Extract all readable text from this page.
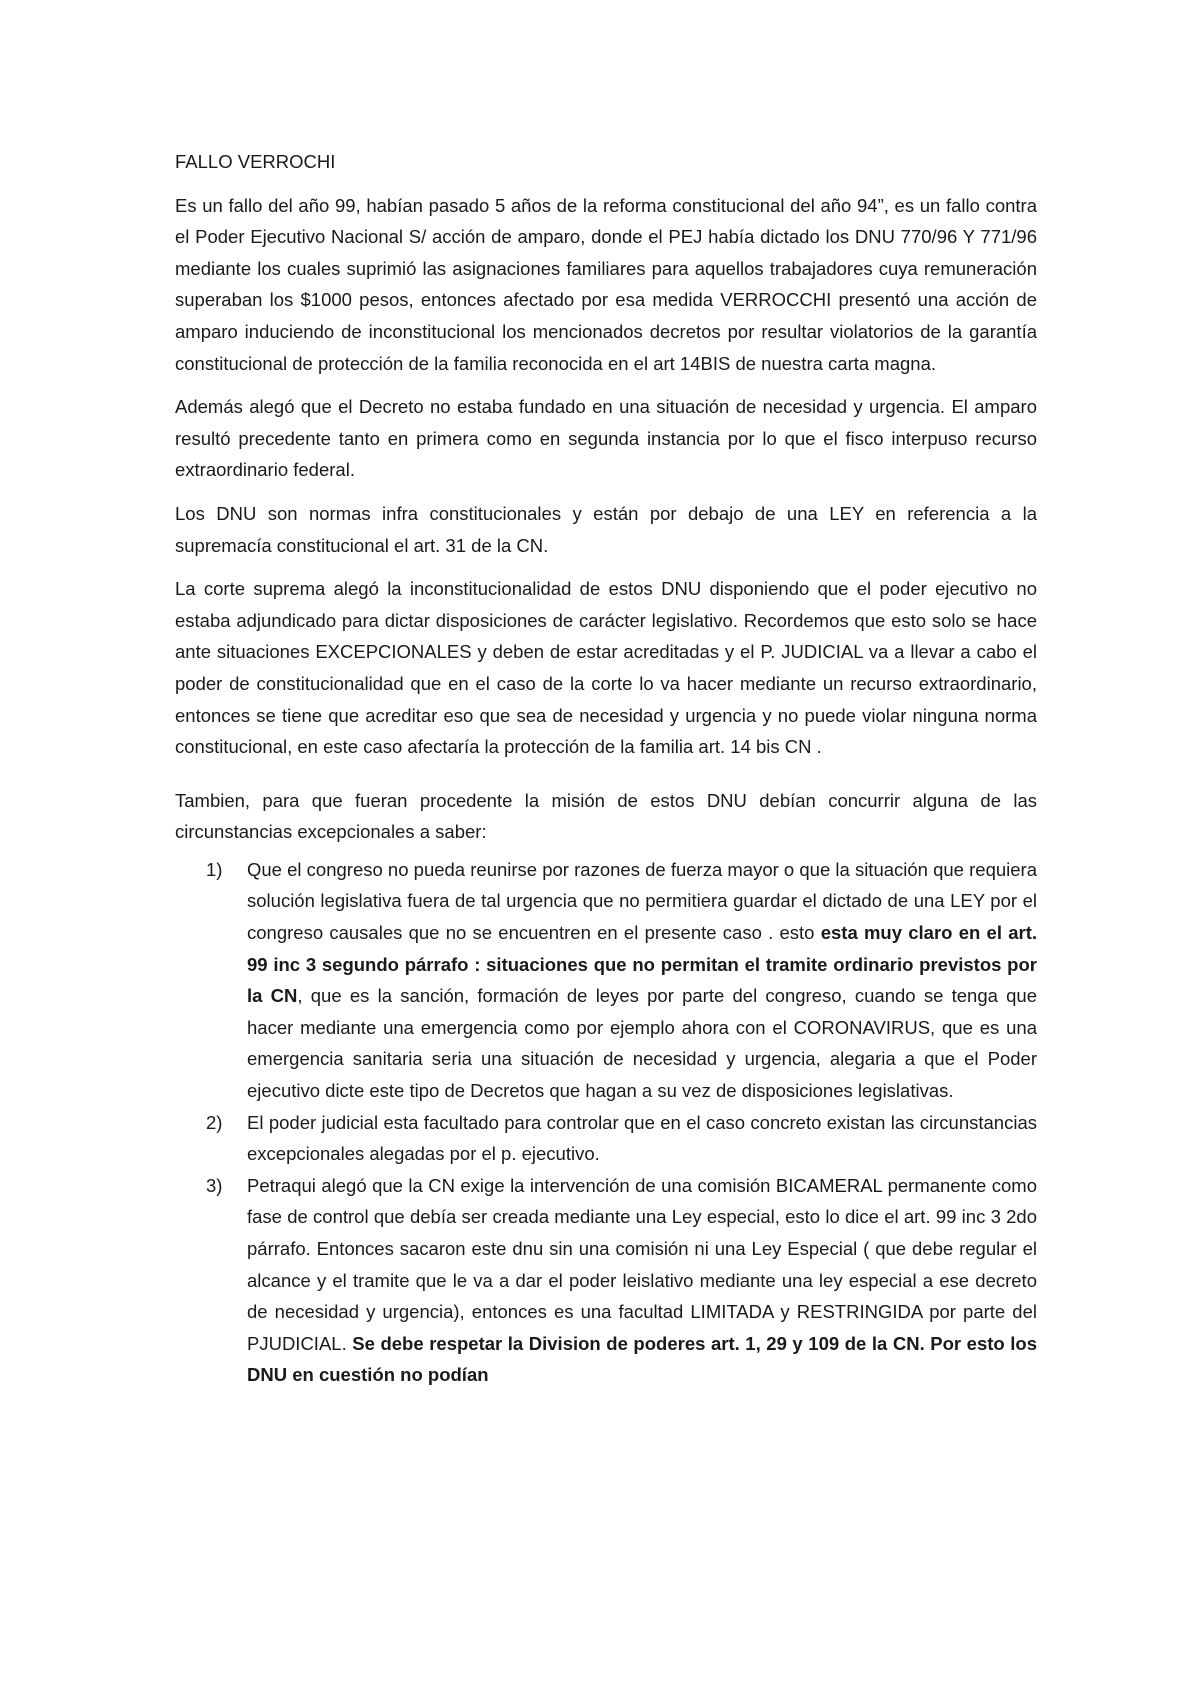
FALLO VERROCHI

Es un fallo del año 99, habían pasado 5 años de la reforma constitucional del año 94”, es un fallo contra el Poder Ejecutivo Nacional S/ acción de amparo, donde el PEJ había dictado los DNU 770/96 Y 771/96 mediante los cuales suprimió las asignaciones familiares para aquellos trabajadores cuya remuneración superaban los $1000 pesos, entonces afectado por esa medida VERROCCHI presentó una acción de amparo induciendo de inconstitucional los mencionados decretos por resultar violatorios de la garantía constitucional de protección de la familia reconocida en el art 14BIS de nuestra carta magna.

Además alegó que el Decreto no estaba fundado en una situación de necesidad y urgencia. El amparo resultó precedente tanto en primera como en segunda instancia por lo que el fisco interpuso recurso extraordinario federal.

Los DNU son normas infra constitucionales y están por debajo de una LEY en referencia a la supremacía constitucional el art. 31 de la CN.

La corte suprema alegó la inconstitucionalidad de estos DNU disponiendo que el poder ejecutivo no estaba adjundicado para dictar disposiciones de carácter legislativo. Recordemos que esto solo se hace ante situaciones EXCEPCIONALES y deben de estar acreditadas y el P. JUDICIAL va a llevar a cabo el poder de constitucionalidad que en el caso de la corte lo va hacer mediante un recurso extraordinario, entonces se tiene que acreditar eso que sea de necesidad y urgencia y no puede violar ninguna norma constitucional, en este caso afectaría la protección de la familia art. 14 bis CN .

Tambien, para que fueran procedente la misión de estos DNU debían concurrir alguna de las circunstancias excepcionales a saber:

1) Que el congreso no pueda reunirse por razones de fuerza mayor o que la situación que requiera solución legislativa fuera de tal urgencia que no permitiera guardar el dictado de una LEY por el congreso causales que no se encuentren en el presente caso . esto esta muy claro en el art. 99 inc 3 segundo párrafo : situaciones que no permitan el tramite ordinario previstos por la CN, que es la sanción, formación de leyes por parte del congreso, cuando se tenga que hacer mediante una emergencia como por ejemplo ahora con el CORONAVIRUS, que es una emergencia sanitaria seria una situación de necesidad y urgencia, alegaria a que el Poder ejecutivo dicte este tipo de Decretos que hagan a su vez de disposiciones legislativas.
2) El poder judicial esta facultado para controlar que en el caso concreto existan las circunstancias excepcionales alegadas por el p. ejecutivo.
3) Petraqui alegó que la CN exige la intervención de una comisión BICAMERAL permanente como fase de control que debía ser creada mediante una Ley especial, esto lo dice el art. 99 inc 3 2do párrafo. Entonces sacaron este dnu sin una comisión ni una Ley Especial ( que debe regular el alcance y el tramite que le va a dar el poder leislativo mediante una ley especial a ese decreto de necesidad y urgencia), entonces es una facultad LIMITADA y RESTRINGIDA por parte del PJUDICIAL. Se debe respetar la Division de poderes art. 1, 29 y 109 de la CN. Por esto los DNU en cuestión no podían
